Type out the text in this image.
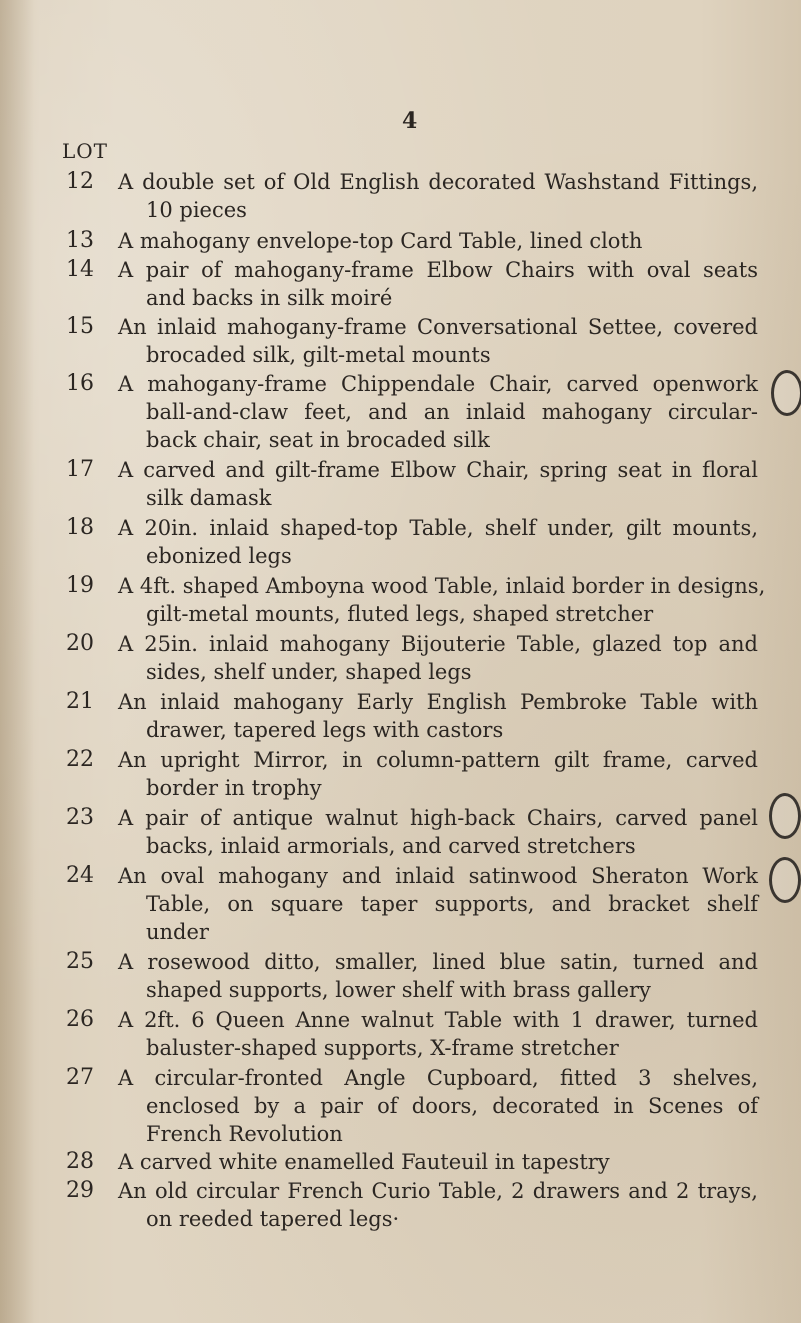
4
LOT
12 A double set of Old English decorated Washstand Fittings,
10 pieces
13 A mahogany envelope-top Card Table, lined cloth
14 A pair of mahogany-frame Elbow Chairs with oval seats
and backs in silk moiré
15 An inlaid mahogany-frame Conversational Settee, covered
brocaded silk, gilt-metal mounts
16 A mahogany-frame Chippendale Chair, carved openwork
ball-and-claw feet, and an inlaid mahogany circular-
back chair, seat in brocaded silk
17 A carved and gilt-frame Elbow Chair, spring seat in floral
silk damask
18 A 20in. inlaid shaped-top Table, shelf under, gilt mounts,
ebonized legs
19 A 4ft. shaped Amboyna wood Table, inlaid border in designs,
gilt-metal mounts, fluted legs, shaped stretcher
20 A 25in. inlaid mahogany Bijouterie Table, glazed top and
sides, shelf under, shaped legs
21 An inlaid mahogany Early English Pembroke Table with
drawer, tapered legs with castors
22 An upright Mirror, in column-pattern gilt frame, carved
border in trophy
23 A pair of antique walnut high-back Chairs, carved panel
backs, inlaid armorials, and carved stretchers
24 An oval mahogany and inlaid satinwood Sheraton Work
Table, on square taper supports, and bracket shelf
under
25 A rosewood ditto, smaller, lined blue satin, turned and
shaped supports, lower shelf with brass gallery
26 A 2ft. 6 Queen Anne walnut Table with 1 drawer, turned
baluster-shaped supports, X-frame stretcher
27 A circular-fronted Angle Cupboard, fitted 3 shelves,
enclosed by a pair of doors, decorated in Scenes of
French Revolution
28 A carved white enamelled Fauteuil in tapestry
29 An old circular French Curio Table, 2 drawers and 2 trays,
on reeded tapered legs·
